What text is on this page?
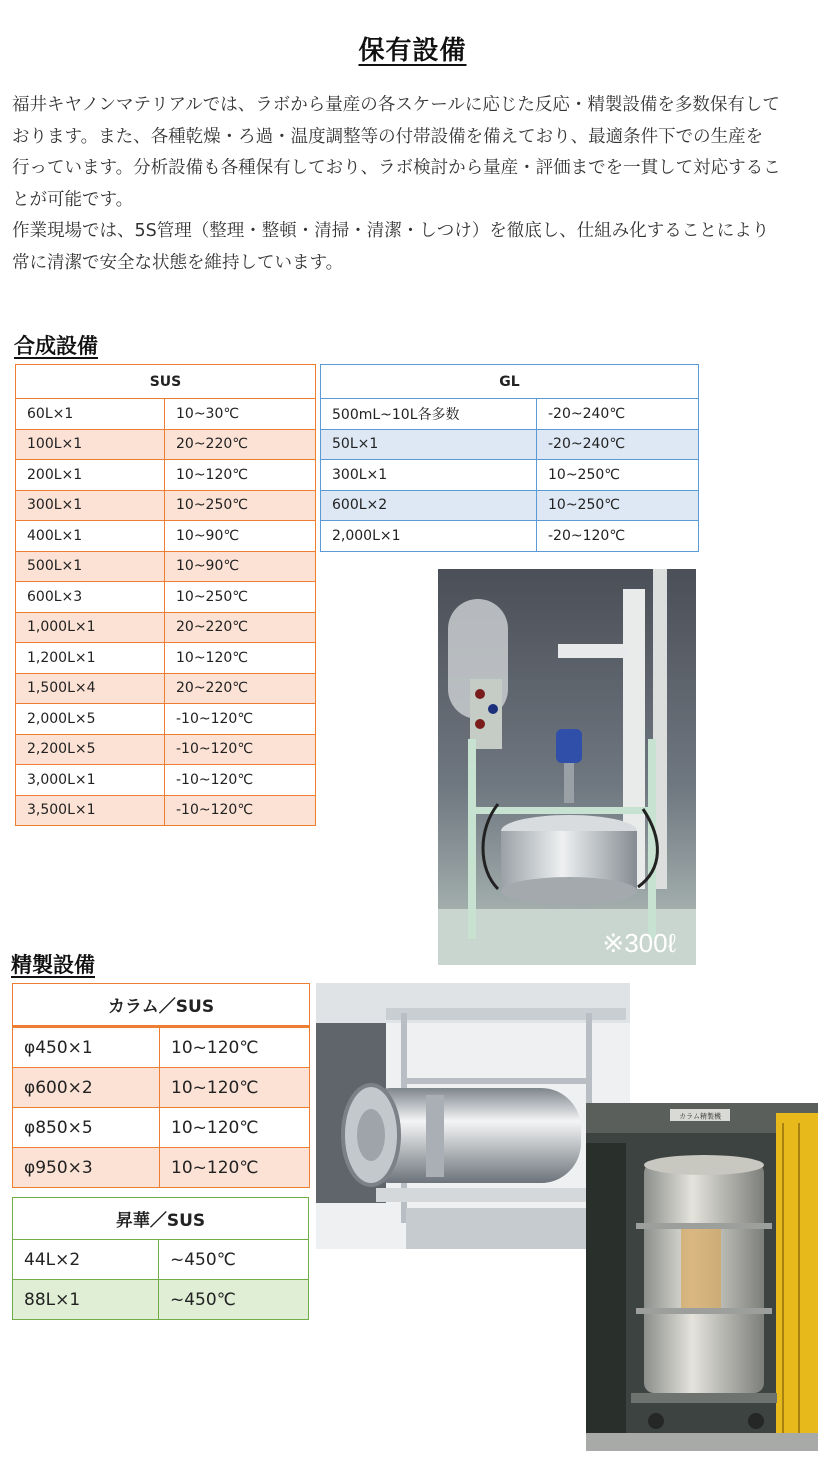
保有設備

福井キヤノンマテリアルでは、ラボから量産の各スケールに応じた反応・精製設備を多数保有して

おります。また、各種乾燥・ろ過・温度調整等の付帯設備を備えており、最適条件下での生産を

行っています。分析設備も各種保有しており、ラボ検討から量産・評価までを一貫して対応するこ

とが可能です。

作業現場では、5S管理（整理・整頓・清掃・清潔・しつけ）を徹底し、仕組み化することにより

常に清潔で安全な状態を維持しています。

合成設備
SUS	
60L×1	10~30℃
100L×1	20~220℃
200L×1	10~120℃
300L×1	10~250℃
400L×1	10~90℃
500L×1	10~90℃
600L×3	10~250℃
1,000L×1	20~220℃
1,200L×1	10~120℃
1,500L×4	20~220℃
2,000L×5	-10~120℃
2,200L×5	-10~120℃
3,000L×1	-10~120℃
3,500L×1	-10~120℃
GL	
500mL~10L各多数	-20~240℃
50L×1	-20~240℃
300L×1	10~250℃
600L×2	10~250℃
2,000L×1	-20~120℃
※300ℓ
精製設備
カラム／SUS	
φ450×1	10~120℃
φ600×2	10~120℃
φ850×5	10~120℃
φ950×3	10~120℃
昇華／SUS	
44L×2	~450℃
88L×1	~450℃
カラム精製機
